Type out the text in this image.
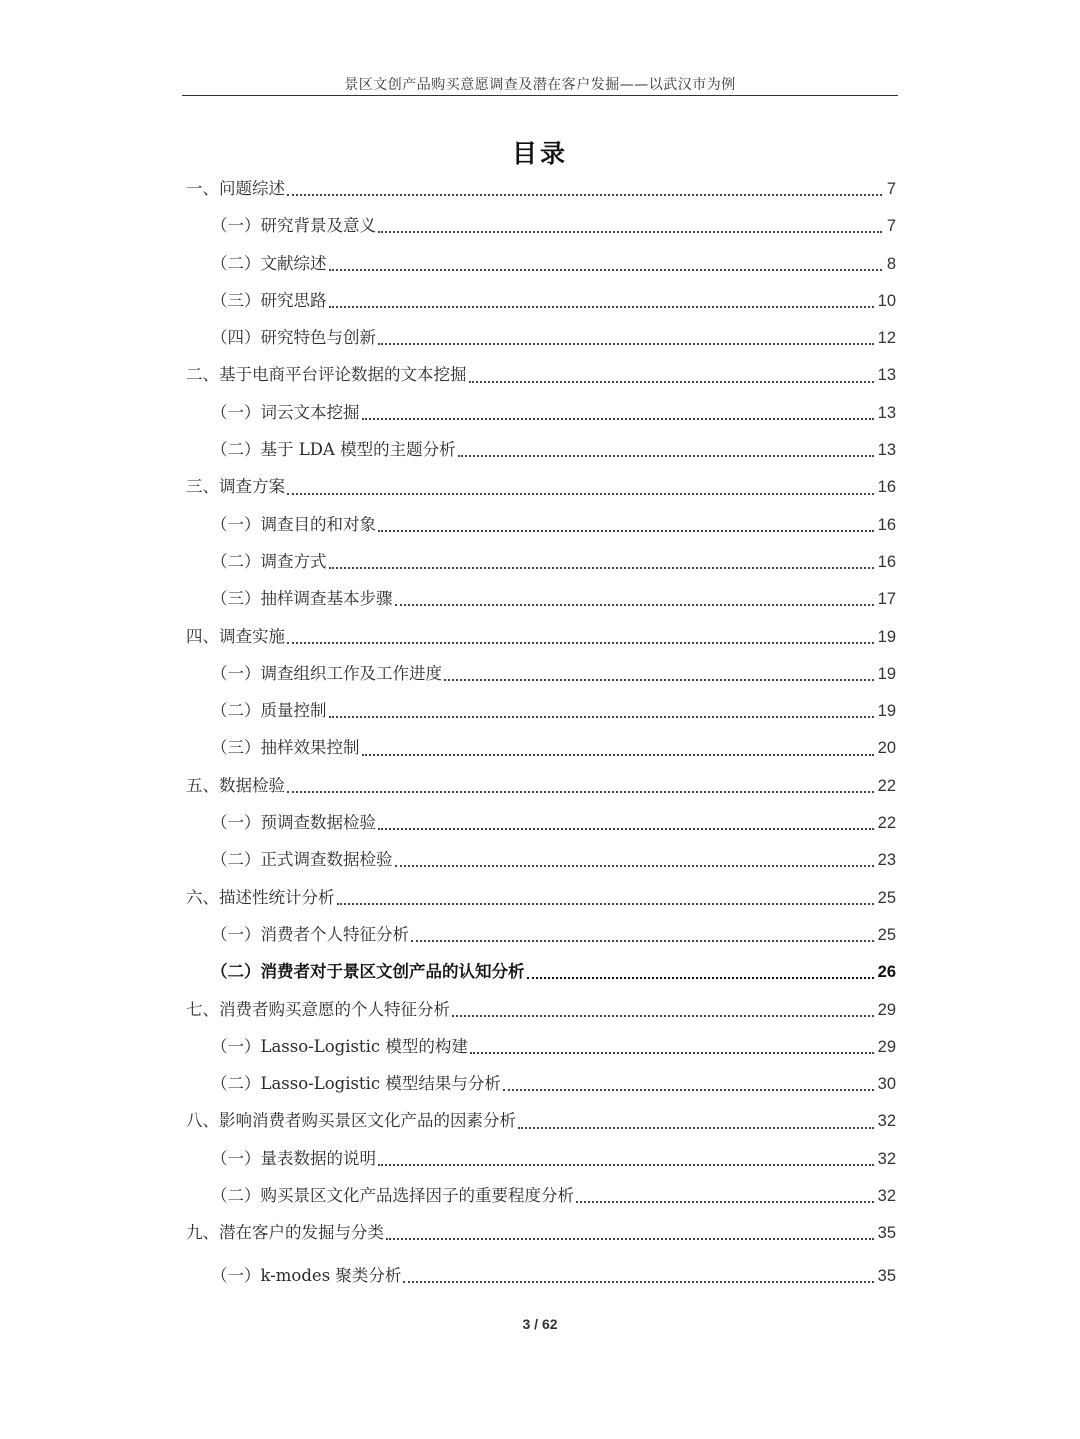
景区文创产品购买意愿调查及潜在客户发掘——以武汉市为例
目录
一、问题综述	7
（一）研究背景及意义	7
（二）文献综述	8
（三）研究思路	10
（四）研究特色与创新	12
二、基于电商平台评论数据的文本挖掘	13
（一）词云文本挖掘	13
（二）基于 LDA 模型的主题分析	13
三、调查方案	16
（一）调查目的和对象	16
（二）调查方式	16
（三）抽样调查基本步骤	17
四、调查实施	19
（一）调查组织工作及工作进度	19
（二）质量控制	19
（三）抽样效果控制	20
五、数据检验	22
（一）预调查数据检验	22
（二）正式调查数据检验	23
六、描述性统计分析	25
（一）消费者个人特征分析	25
（二）消费者对于景区文创产品的认知分析	26
七、消费者购买意愿的个人特征分析	29
（一）Lasso-Logistic 模型的构建	29
（二）Lasso-Logistic 模型结果与分析	30
八、影响消费者购买景区文化产品的因素分析	32
（一）量表数据的说明	32
（二）购买景区文化产品选择因子的重要程度分析	32
九、潜在客户的发掘与分类	35
（一）k-modes 聚类分析	35
3 / 62
